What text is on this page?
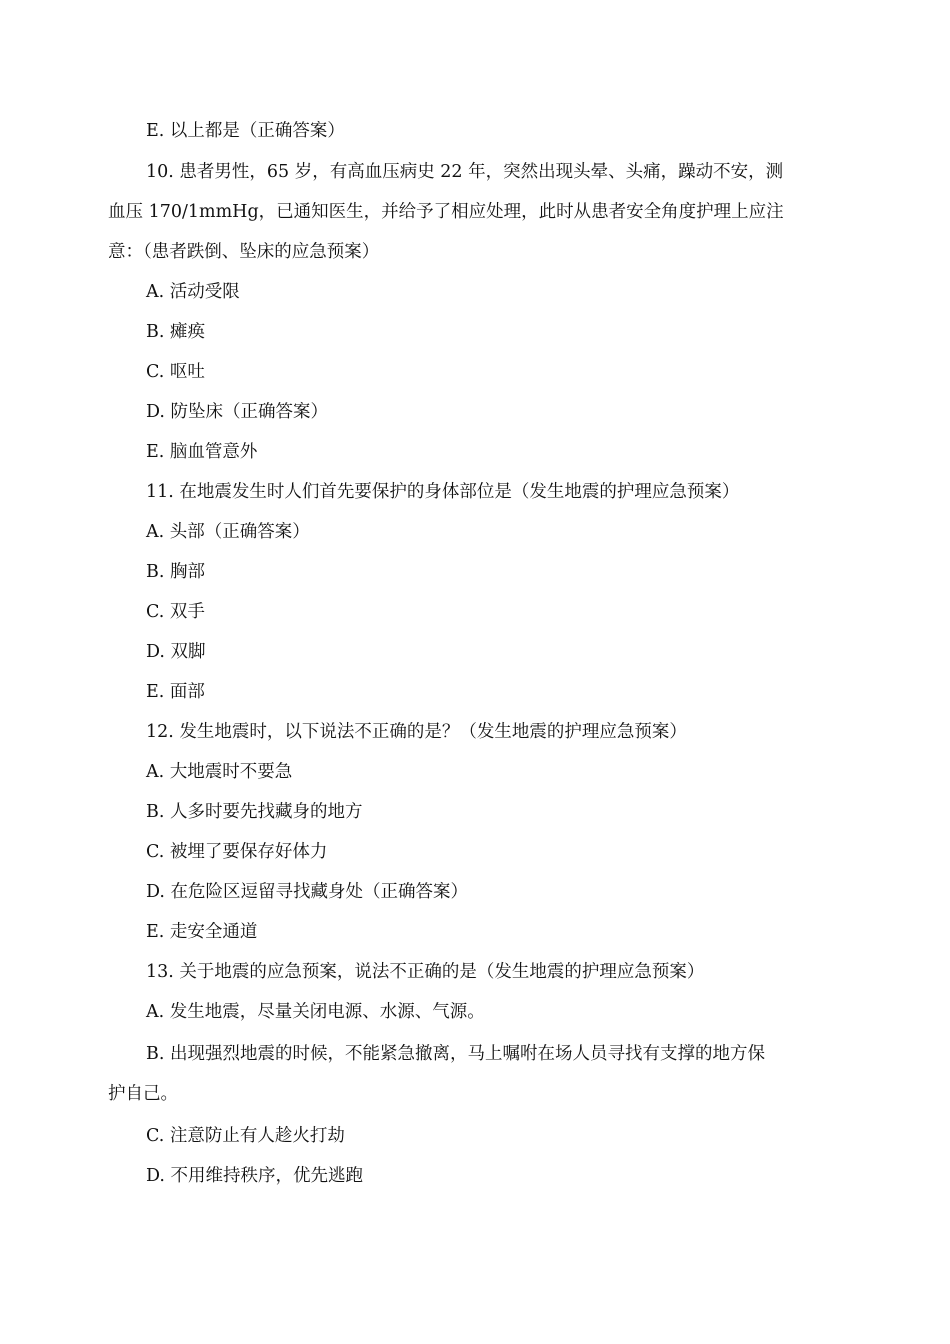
E. 以上都是（正确答案）
10. 患者男性，65 岁，有高血压病史 22 年，突然出现头晕、头痛，躁动不安，测
血压 170/1mmHg，已通知医生，并给予了相应处理，此时从患者安全角度护理上应注
意：（患者跌倒、坠床的应急预案）
A. 活动受限
B. 瘫痪
C. 呕吐
D. 防坠床（正确答案）
E. 脑血管意外
11. 在地震发生时人们首先要保护的身体部位是（发生地震的护理应急预案）
A. 头部（正确答案）
B. 胸部
C. 双手
D. 双脚
E. 面部
12. 发生地震时，以下说法不正确的是？（发生地震的护理应急预案）
A. 大地震时不要急
B. 人多时要先找藏身的地方
C. 被埋了要保存好体力
D. 在危险区逗留寻找藏身处（正确答案）
E. 走安全通道
13. 关于地震的应急预案，说法不正确的是（发生地震的护理应急预案）
A. 发生地震，尽量关闭电源、水源、气源。
B. 出现强烈地震的时候，不能紧急撤离，马上嘱咐在场人员寻找有支撑的地方保
护自己。
C. 注意防止有人趁火打劫
D. 不用维持秩序，优先逃跑
